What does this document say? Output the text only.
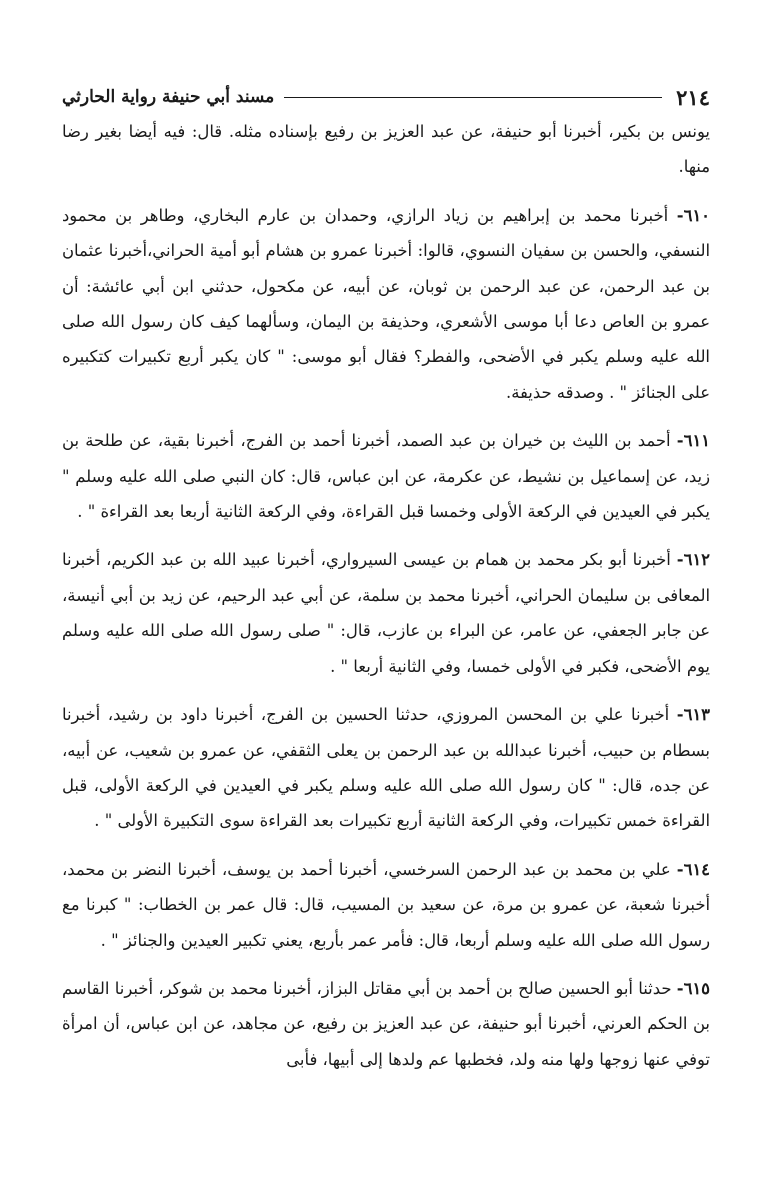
٢١٤
مسند أبي حنيفة رواية الحارثي

يونس بن بكير، أخبرنا أبو حنيفة، عن عبد العزيز بن رفيع بإسناده مثله. قال: فيه أيضا بغير رضا منها.

٦١٠- أخبرنا محمد بن إبراهيم بن زياد الرازي، وحمدان بن عارم البخاري، وطاهر بن محمود النسفي، والحسن بن سفيان النسوي، قالوا: أخبرنا عمرو بن هشام أبو أمية الحراني،أخبرنا عثمان بن عبد الرحمن، عن عبد الرحمن بن ثوبان، عن أبيه، عن مكحول، حدثني ابن أبي عائشة: أن عمرو بن العاص دعا أبا موسى الأشعري، وحذيفة بن اليمان، وسألهما كيف كان رسول الله صلى الله عليه وسلم يكبر في الأضحى، والفطر؟ فقال أبو موسى: " كان يكبر أربع تكبيرات كتكبيره على الجنائز " . وصدقه حذيفة.

٦١١- أحمد بن الليث بن خيران بن عبد الصمد، أخبرنا أحمد بن الفرج، أخبرنا بقية، عن طلحة بن زيد، عن إسماعيل بن نشيط، عن عكرمة، عن ابن عباس، قال: كان النبي صلى الله عليه وسلم " يكبر في العيدين في الركعة الأولى وخمسا قبل القراءة، وفي الركعة الثانية أربعا بعد القراءة " .

٦١٢- أخبرنا أبو بكر محمد بن همام بن عيسى السيرواري، أخبرنا عبيد الله بن عبد الكريم، أخبرنا المعافى بن سليمان الحراني، أخبرنا محمد بن سلمة، عن أبي عبد الرحيم، عن زيد بن أبي أنيسة، عن جابر الجعفي، عن عامر، عن البراء بن عازب، قال: " صلى رسول الله صلى الله عليه وسلم يوم الأضحى، فكبر في الأولى خمسا، وفي الثانية أربعا " .

٦١٣- أخبرنا علي بن المحسن المروزي، حدثنا الحسين بن الفرج، أخبرنا داود بن رشيد، أخبرنا بسطام بن حبيب، أخبرنا عبدالله بن عبد الرحمن بن يعلى الثقفي، عن عمرو بن شعيب، عن أبيه، عن جده، قال: " كان رسول الله صلى الله عليه وسلم يكبر في العيدين في الركعة الأولى، قبل القراءة خمس تكبيرات، وفي الركعة الثانية أربع تكبيرات بعد القراءة سوى التكبيرة الأولى " .

٦١٤- علي بن محمد بن عبد الرحمن السرخسي، أخبرنا أحمد بن يوسف، أخبرنا النضر بن محمد، أخبرنا شعبة، عن عمرو بن مرة، عن سعيد بن المسيب، قال: قال عمر بن الخطاب: " كبرنا مع رسول الله صلى الله عليه وسلم أربعا، قال: فأمر عمر بأربع، يعني تكبير العيدين والجنائز " .

٦١٥- حدثنا أبو الحسين صالح بن أحمد بن أبي مقاتل البزاز، أخبرنا محمد بن شوكر، أخبرنا القاسم بن الحكم العرني، أخبرنا أبو حنيفة، عن عبد العزيز بن رفيع، عن مجاهد، عن ابن عباس، أن امرأة توفي عنها زوجها ولها منه ولد، فخطبها عم ولدها إلى أبيها، فأبى
